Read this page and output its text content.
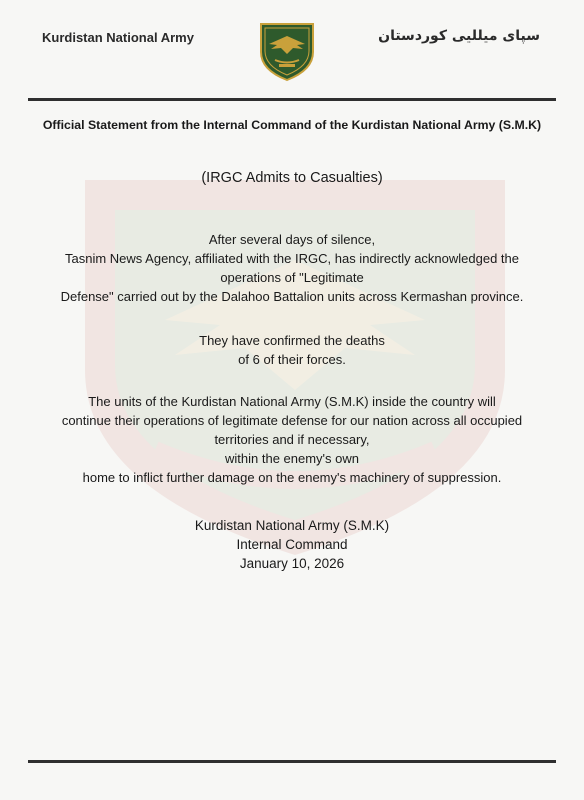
Kurdistan National Army	سپای میللیی کوردستان
Official Statement from the Internal Command of the Kurdistan National Army (S.M.K)
(IRGC Admits to Casualties)
After several days of silence,
Tasnim News Agency, affiliated with the IRGC, has indirectly acknowledged the
operations of "Legitimate
Defense" carried out by the Dalahoo Battalion units across Kermashan province.
They have confirmed the deaths
of 6 of their forces.
The units of the Kurdistan National Army (S.M.K) inside the country will
continue their operations of legitimate defense for our nation across all occupied
territories and if necessary,
within the enemy's own
home to inflict further damage on the enemy's machinery of suppression.
Kurdistan National Army (S.M.K)
Internal Command
January 10, 2026
